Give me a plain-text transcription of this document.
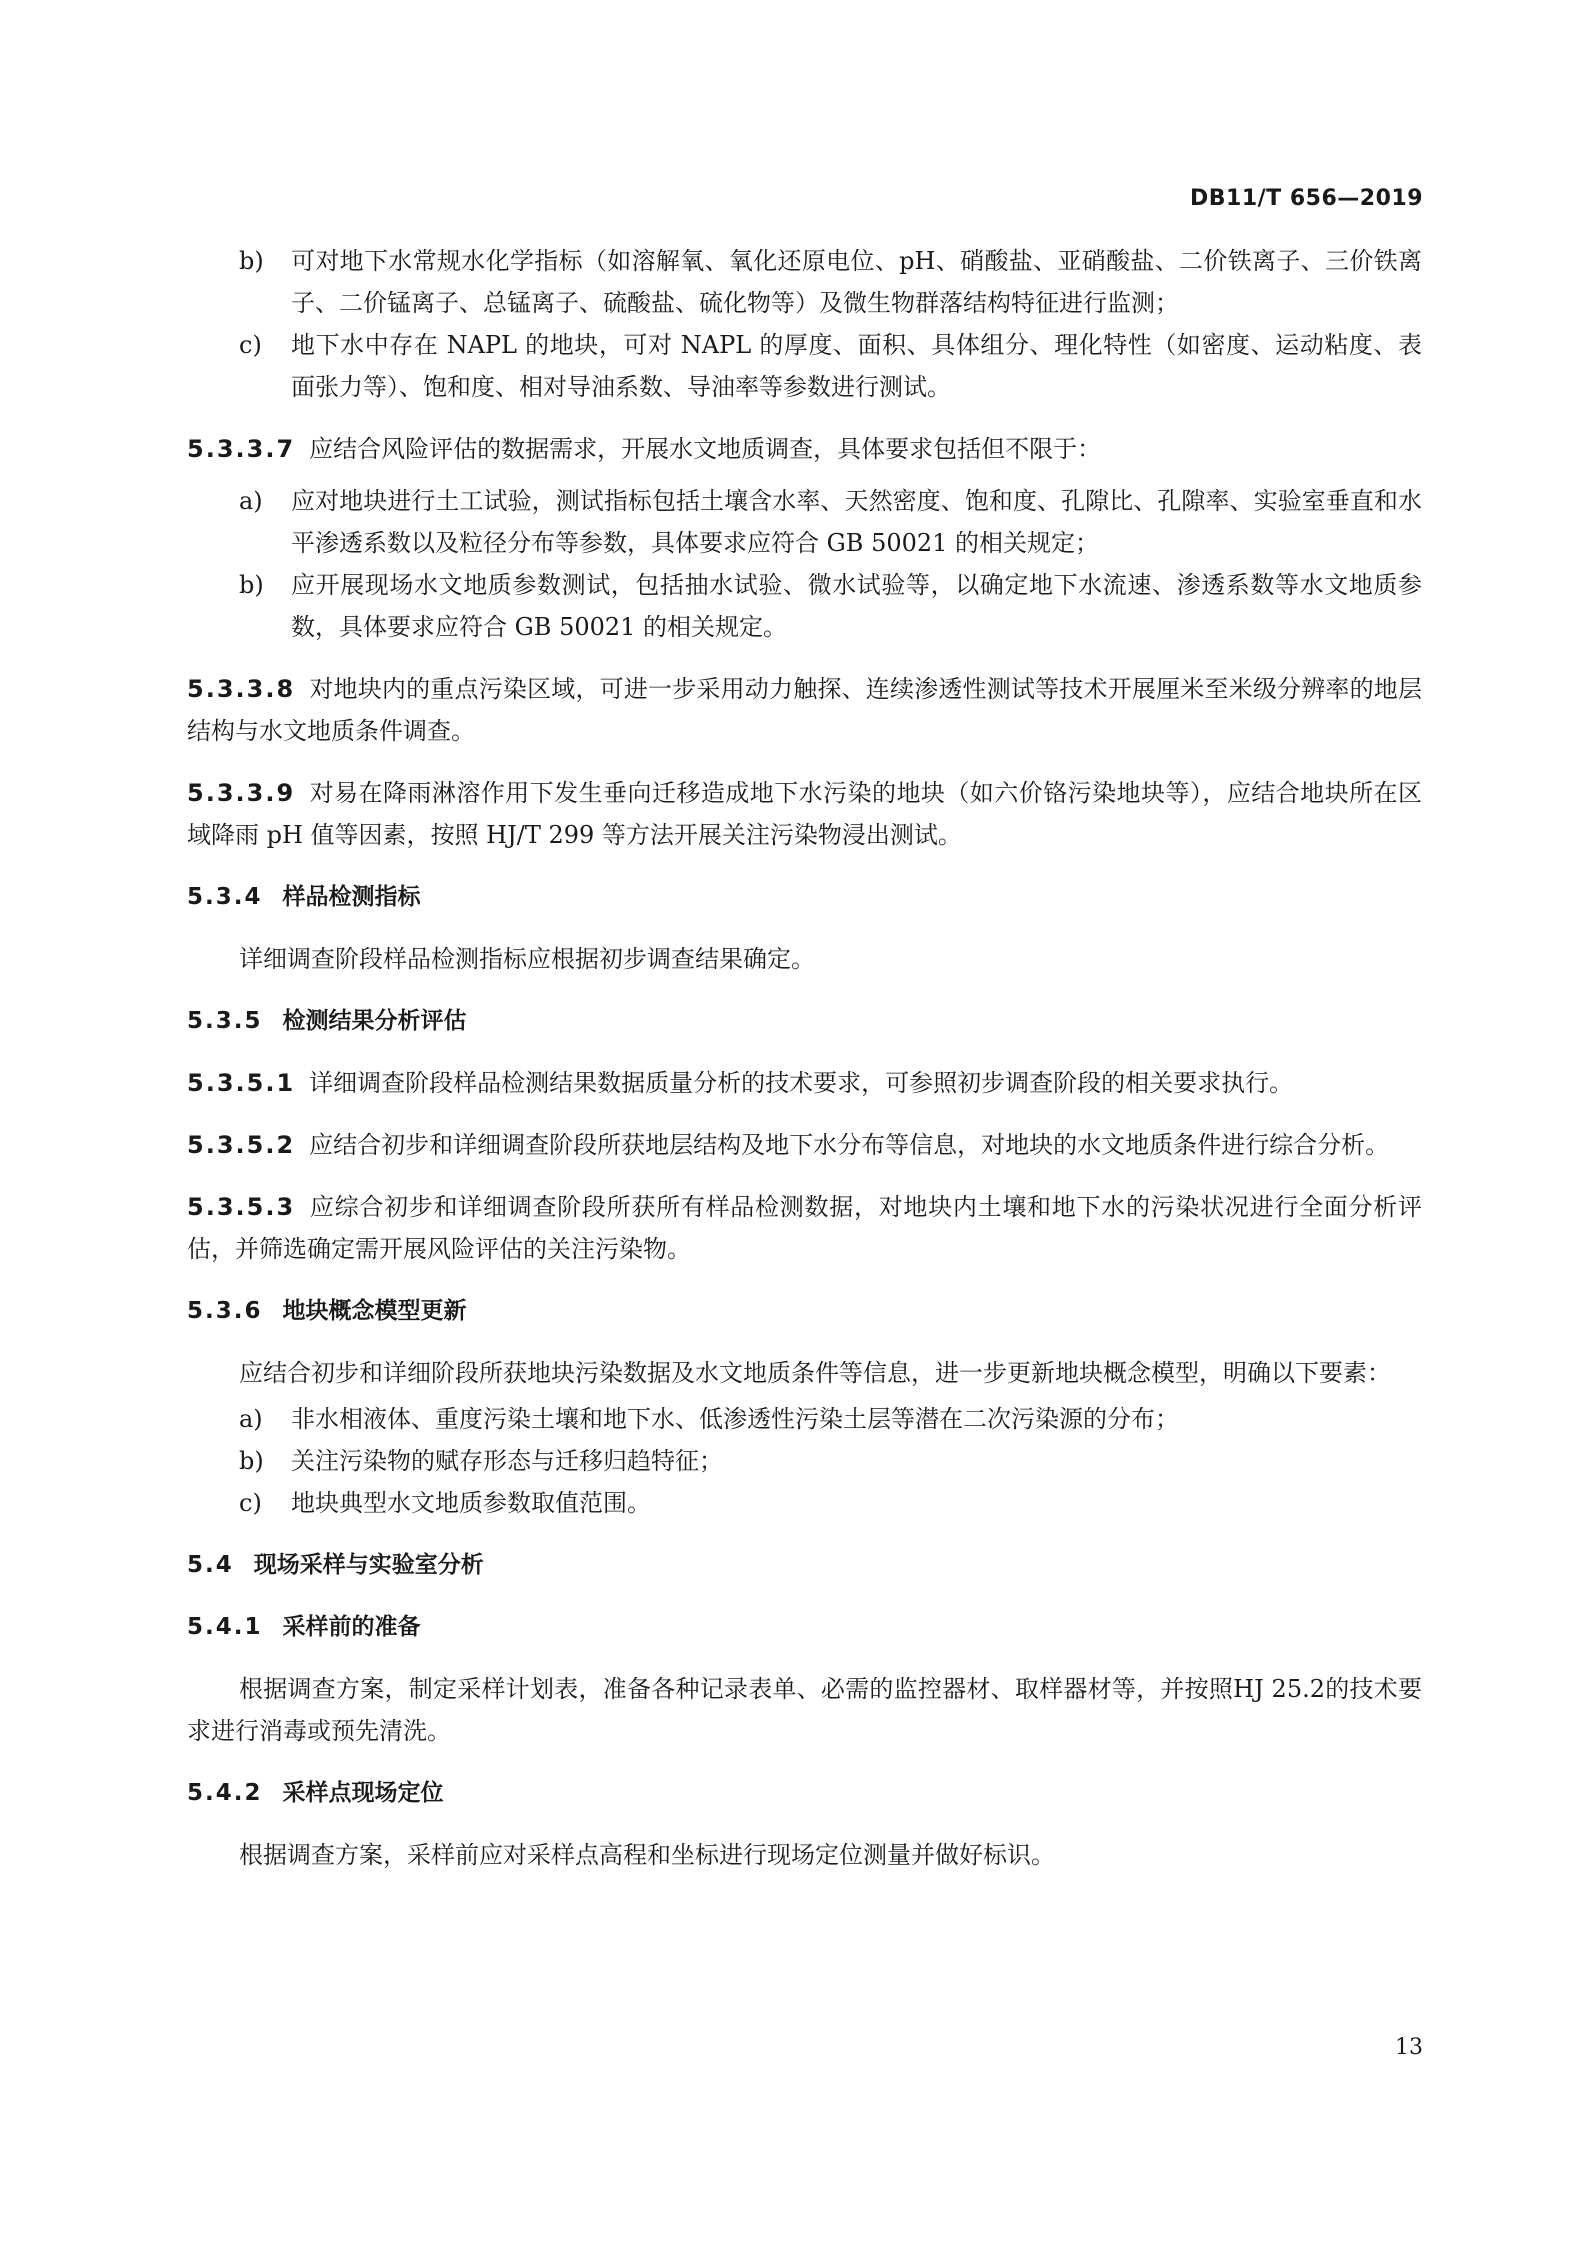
DB11/T 656—2019
b)	可对地下水常规水化学指标（如溶解氧、氧化还原电位、pH、硝酸盐、亚硝酸盐、二价铁离子、三价铁离子、二价锰离子、总锰离子、硫酸盐、硫化物等）及微生物群落结构特征进行监测；
c)	地下水中存在 NAPL 的地块，可对 NAPL 的厚度、面积、具体组分、理化特性（如密度、运动粘度、表面张力等）、饱和度、相对导油系数、导油率等参数进行测试。
5.3.3.7 应结合风险评估的数据需求，开展水文地质调查，具体要求包括但不限于：
a)	应对地块进行土工试验，测试指标包括土壤含水率、天然密度、饱和度、孔隙比、孔隙率、实验室垂直和水平渗透系数以及粒径分布等参数，具体要求应符合 GB 50021 的相关规定；
b)	应开展现场水文地质参数测试，包括抽水试验、微水试验等，以确定地下水流速、渗透系数等水文地质参数，具体要求应符合 GB 50021 的相关规定。
5.3.3.8 对地块内的重点污染区域，可进一步采用动力触探、连续渗透性测试等技术开展厘米至米级分辨率的地层结构与水文地质条件调查。
5.3.3.9 对易在降雨淋溶作用下发生垂向迁移造成地下水污染的地块（如六价铬污染地块等），应结合地块所在区域降雨 pH 值等因素，按照 HJ/T 299 等方法开展关注污染物浸出测试。
5.3.4 样品检测指标
详细调查阶段样品检测指标应根据初步调查结果确定。
5.3.5 检测结果分析评估
5.3.5.1 详细调查阶段样品检测结果数据质量分析的技术要求，可参照初步调查阶段的相关要求执行。
5.3.5.2 应结合初步和详细调查阶段所获地层结构及地下水分布等信息，对地块的水文地质条件进行综合分析。
5.3.5.3 应综合初步和详细调查阶段所获所有样品检测数据，对地块内土壤和地下水的污染状况进行全面分析评估，并筛选确定需开展风险评估的关注污染物。
5.3.6 地块概念模型更新
应结合初步和详细阶段所获地块污染数据及水文地质条件等信息，进一步更新地块概念模型，明确以下要素：
a)	非水相液体、重度污染土壤和地下水、低渗透性污染土层等潜在二次污染源的分布；
b)	关注污染物的赋存形态与迁移归趋特征；
c)	地块典型水文地质参数取值范围。
5.4 现场采样与实验室分析
5.4.1 采样前的准备
根据调查方案，制定采样计划表，准备各种记录表单、必需的监控器材、取样器材等，并按照HJ 25.2的技术要求进行消毒或预先清洗。
5.4.2 采样点现场定位
根据调查方案，采样前应对采样点高程和坐标进行现场定位测量并做好标识。
13
